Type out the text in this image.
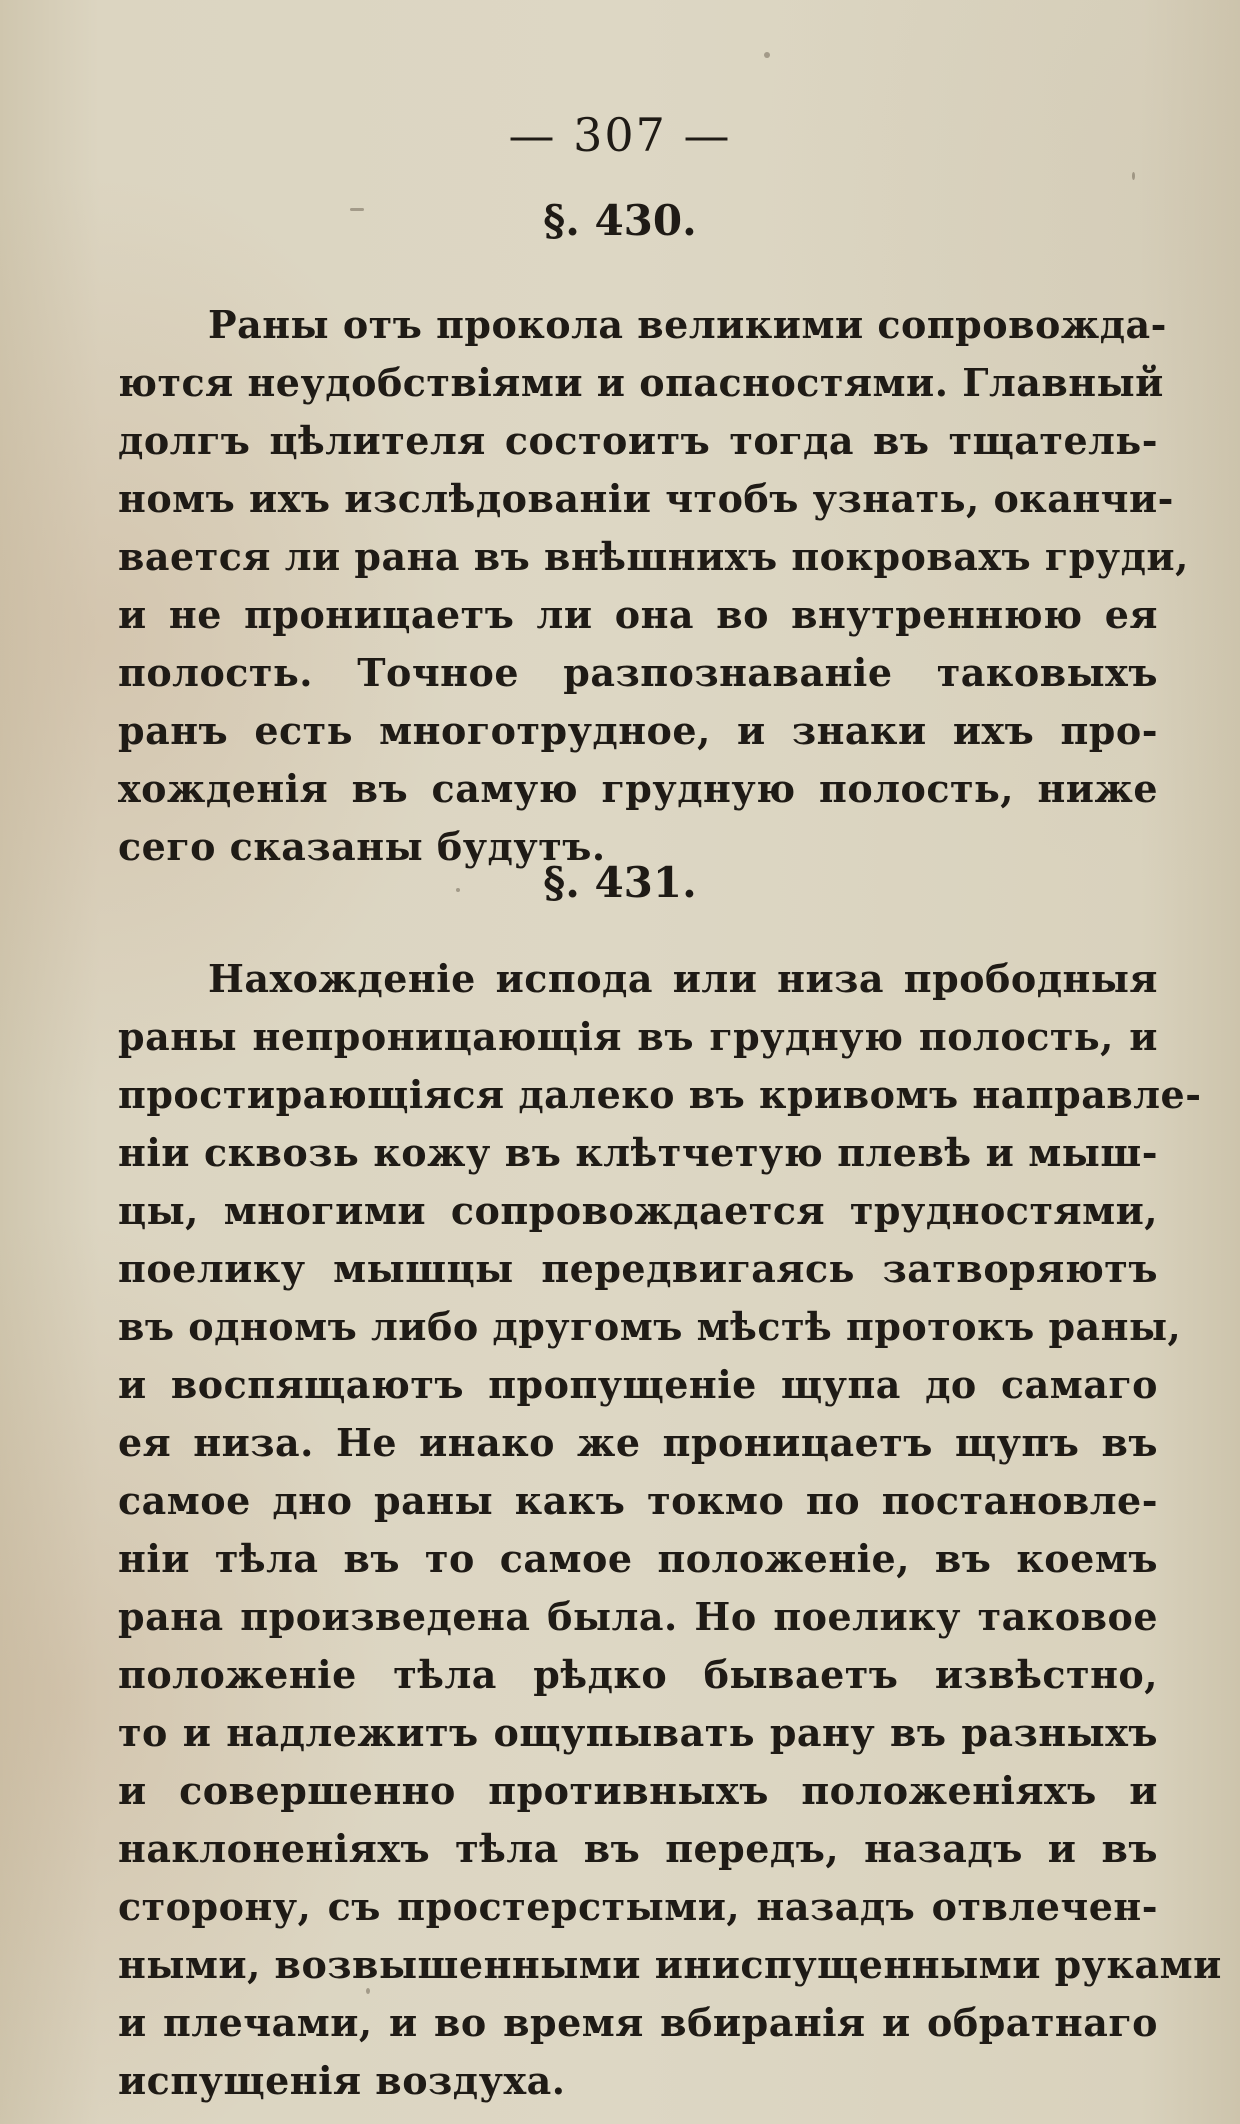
— 307 —
§. 430.
Раны отъ прокола великими сопровожда-
ются неудобствіями и опасностями. Главный
долгъ цѣлителя состоитъ тогда въ тщатель-
номъ ихъ изслѣдованіи чтобъ узнать, оканчи-
вается ли рана въ внѣшнихъ покровахъ груди,
и не проницаетъ ли она во внутреннюю ея
полость. Точное разпознаваніе таковыхъ
ранъ есть многотрудное, и знаки ихъ про-
хожденія въ самую грудную полость, ниже
сего сказаны будутъ.
§. 431.
Нахожденіе испода или низа прободныя
раны непроницающія въ грудную полость, и
простирающіяся далеко въ кривомъ направле-
ніи сквозь кожу въ клѣтчетую плевѣ и мыш-
цы, многими сопровождается трудностями,
поелику мышцы передвигаясь затворяютъ
въ одномъ либо другомъ мѣстѣ протокъ раны,
и воспящаютъ пропущеніе щупа до самаго
ея низа. Не инако же проницаетъ щупъ въ
самое дно раны какъ токмо по постановле-
ніи тѣла въ то самое положеніе, въ коемъ
рана произведена была. Но поелику таковое
положеніе тѣла рѣдко бываетъ извѣстно,
то и надлежитъ ощупывать рану въ разныхъ
и совершенно противныхъ положеніяхъ и
наклоненіяхъ тѣла въ передъ, назадъ и въ
сторону, съ простерстыми, назадъ отвлечен-
ными, возвышенными иниспущенными руками
и плечами, и во время вбиранія и обратнаго
испущенія воздуха.
